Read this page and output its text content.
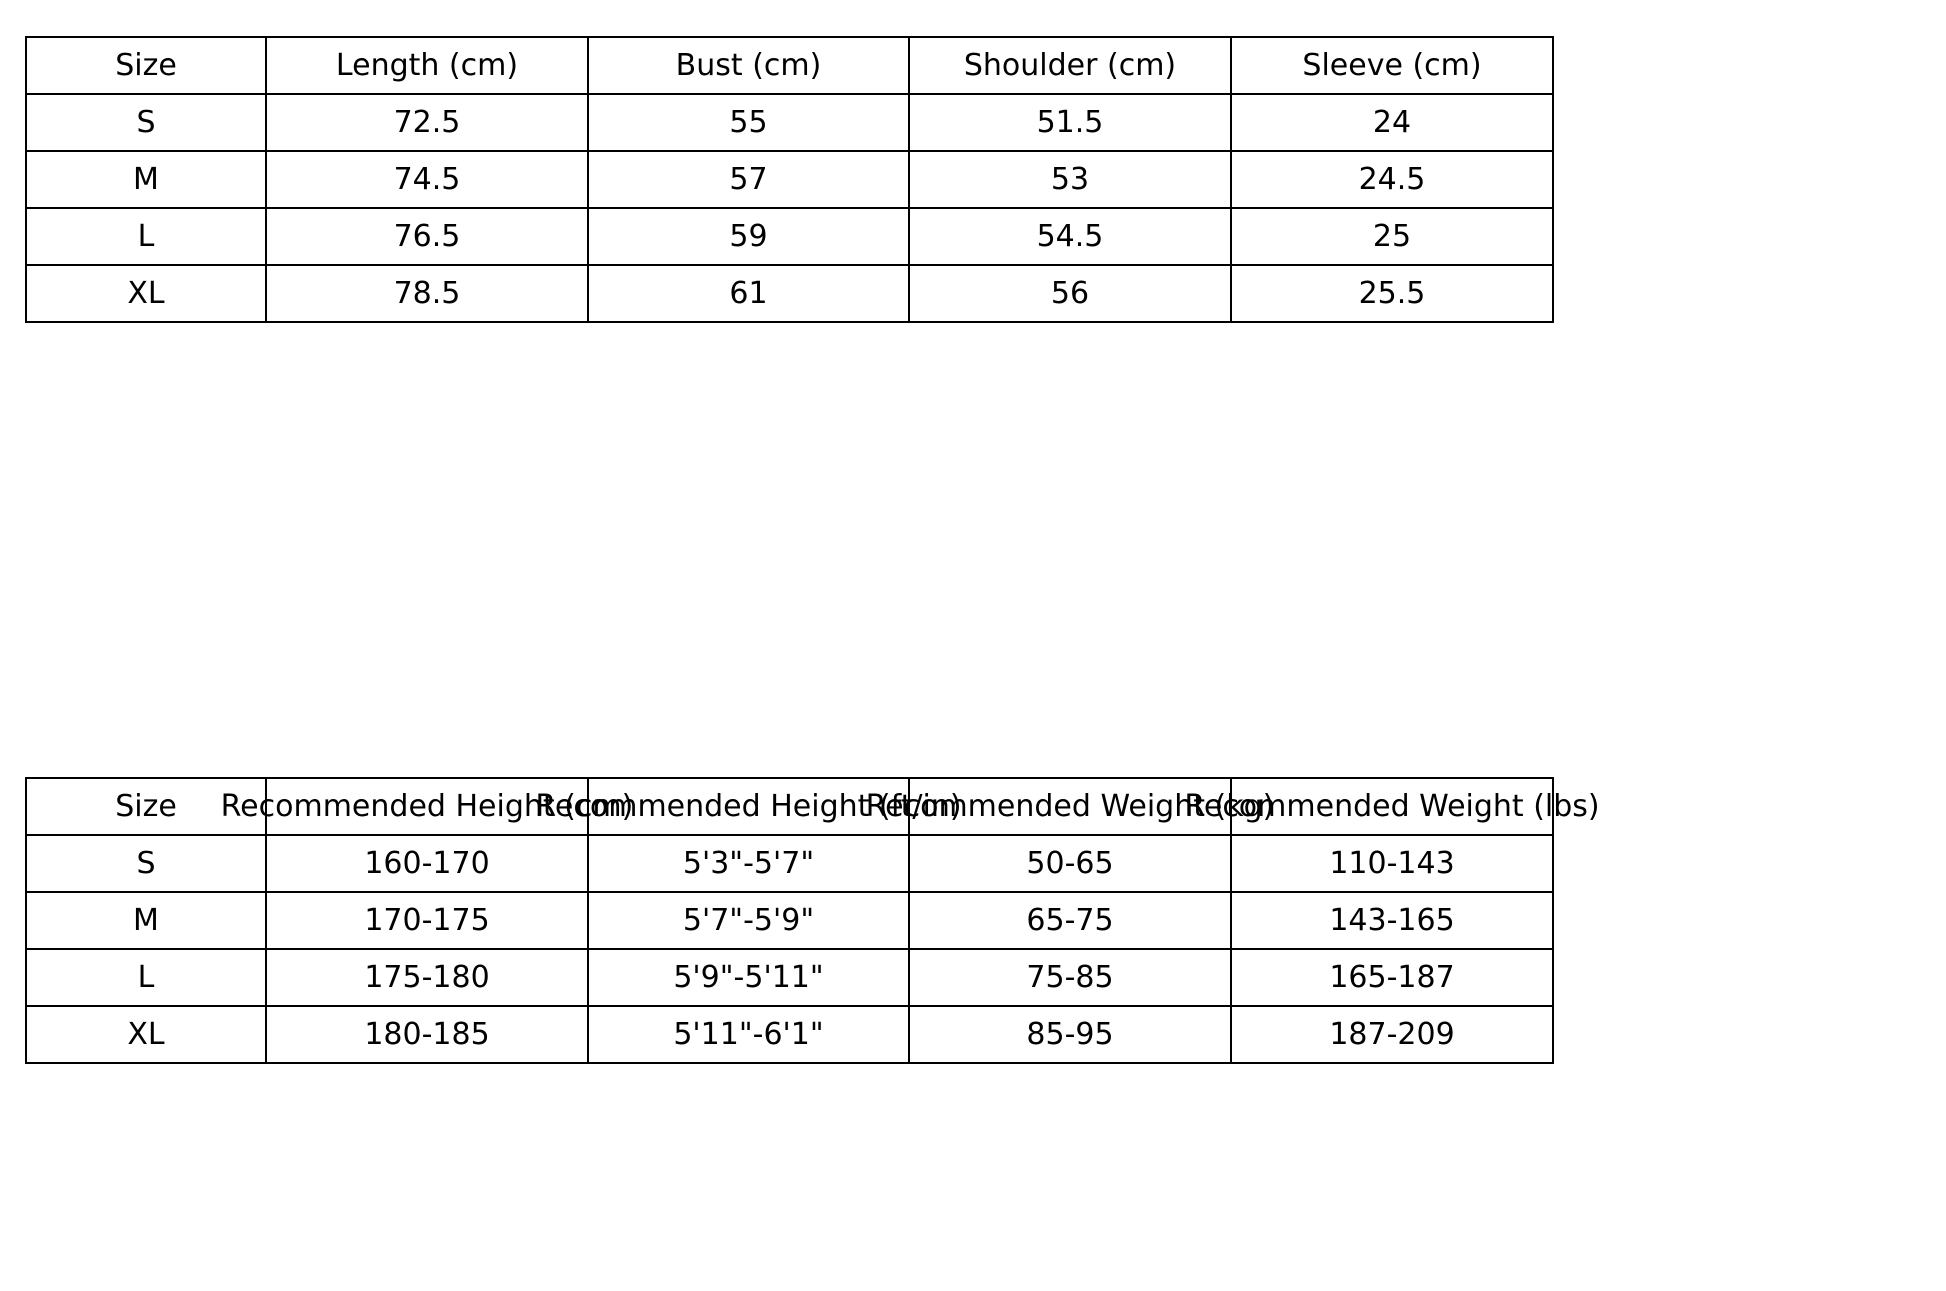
Size	Length (cm)	Bust (cm)	Shoulder (cm)	Sleeve (cm)
S	72.5	55	51.5	24
M	74.5	57	53	24.5
L	76.5	59	54.5	25
XL	78.5	61	56	25.5
Size	Recommended Height (cm)	Recommended Height (ft/in)	Recommended Weight (kg)	Recommended Weight (lbs)

S	160-170	5'3"-5'7"	50-65	110-143
M	170-175	5'7"-5'9"	65-75	143-165
L	175-180	5'9"-5'11"	75-85	165-187
XL	180-185	5'11"-6'1"	85-95	187-209
